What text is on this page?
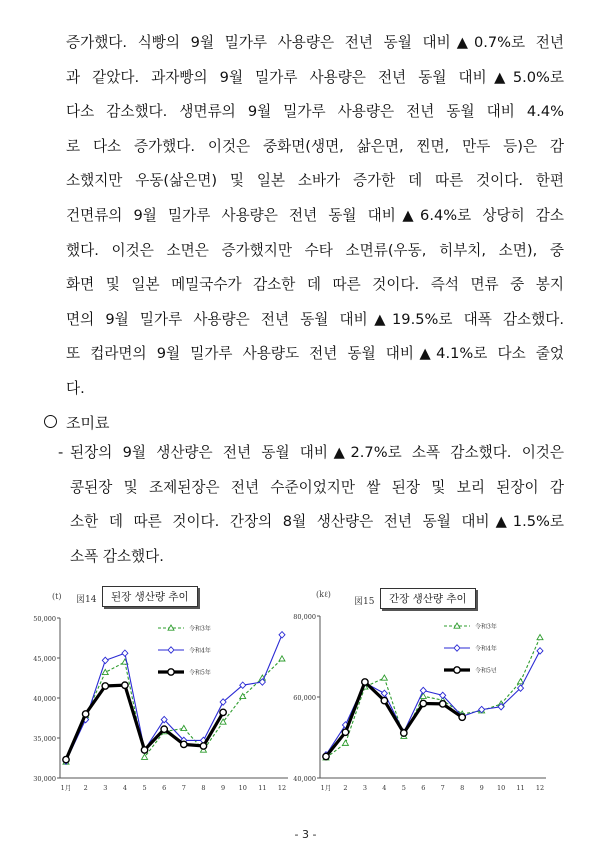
증가했다. 식빵의 9월 밀가루 사용량은 전년 동월 대비▲0.7%로 전년
과 같았다. 과자빵의 9월 밀가루 사용량은 전년 동월 대비▲5.0%로
다소 감소했다. 생면류의 9월 밀가루 사용량은 전년 동월 대비 4.4%
로 다소 증가했다. 이것은 중화면(생면, 삶은면, 찐면, 만두 등)은 감
소했지만 우동(삶은면) 및 일본 소바가 증가한 데 따른 것이다. 한편
건면류의 9월 밀가루 사용량은 전년 동월 대비▲6.4%로 상당히 감소
했다. 이것은 소면은 증가했지만 수타 소면류(우동, 히부치, 소면), 중
화면 및 일본 메밀국수가 감소한 데 따른 것이다. 즉석 면류 중 봉지
면의 9월 밀가루 사용량은 전년 동월 대비▲19.5%로 대폭 감소했다.
또 컵라면의 9월 밀가루 사용량도 전년 동월 대비▲4.1%로 다소 줄었
다.
조미료
- 된장의 9월 생산량은 전년 동월 대비▲2.7%로 소폭 감소했다. 이것은
콩된장 및 조제된장은 전년 수준이었지만 쌀 된장 및 보리 된장이 감
소한 데 따른 것이다. 간장의 8월 생산량은 전년 동월 대비▲1.5%로
소폭 감소했다.
(t) 図14	된장 생산량 추이
30,000
35,000
40,000
45,000
50,000
1月 2 3 4 5 6 7 8 9 10 11 12
令和3年
令和4年
令和5年
(kℓ)
図15	간장 생산량 추이
40,000
60,000
80,000
1月 2 3 4 5 6 7 8 9 10 11 12
令和3年
令和4年
令和5년
- 3 -
